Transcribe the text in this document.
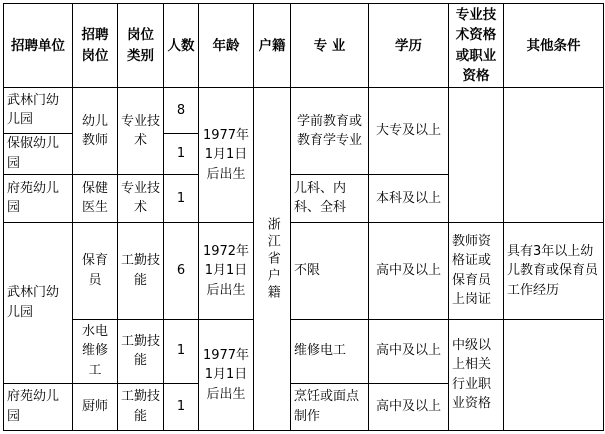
招聘单位	招聘岗位	岗位类别	人数	年龄	户籍	专 业	学历	专业技术资格或职业资格	其他条件
武林门幼儿园	幼儿教师	专业技术	8	1977年1月1日后出生	浙江省户籍	学前教育或教育学专业	大专及以上		
保俶幼儿园			1						
府苑幼儿园	保健医生	专业技术	1			儿科、内科、全科	本科及以上		
武林门幼儿园	保育员	工勤技能	6	1972年1月1日后出生		不限	高中及以上	教师资格证或保育员上岗证	具有3年以上幼儿教育或保育员工作经历
	水电维修工	工勤技能	1	1977年1月1日后出生		维修电工	高中及以上	中级以上相关行业职业资格	
府苑幼儿园	厨师	工勤技能	1			烹饪或面点制作	高中及以上		
